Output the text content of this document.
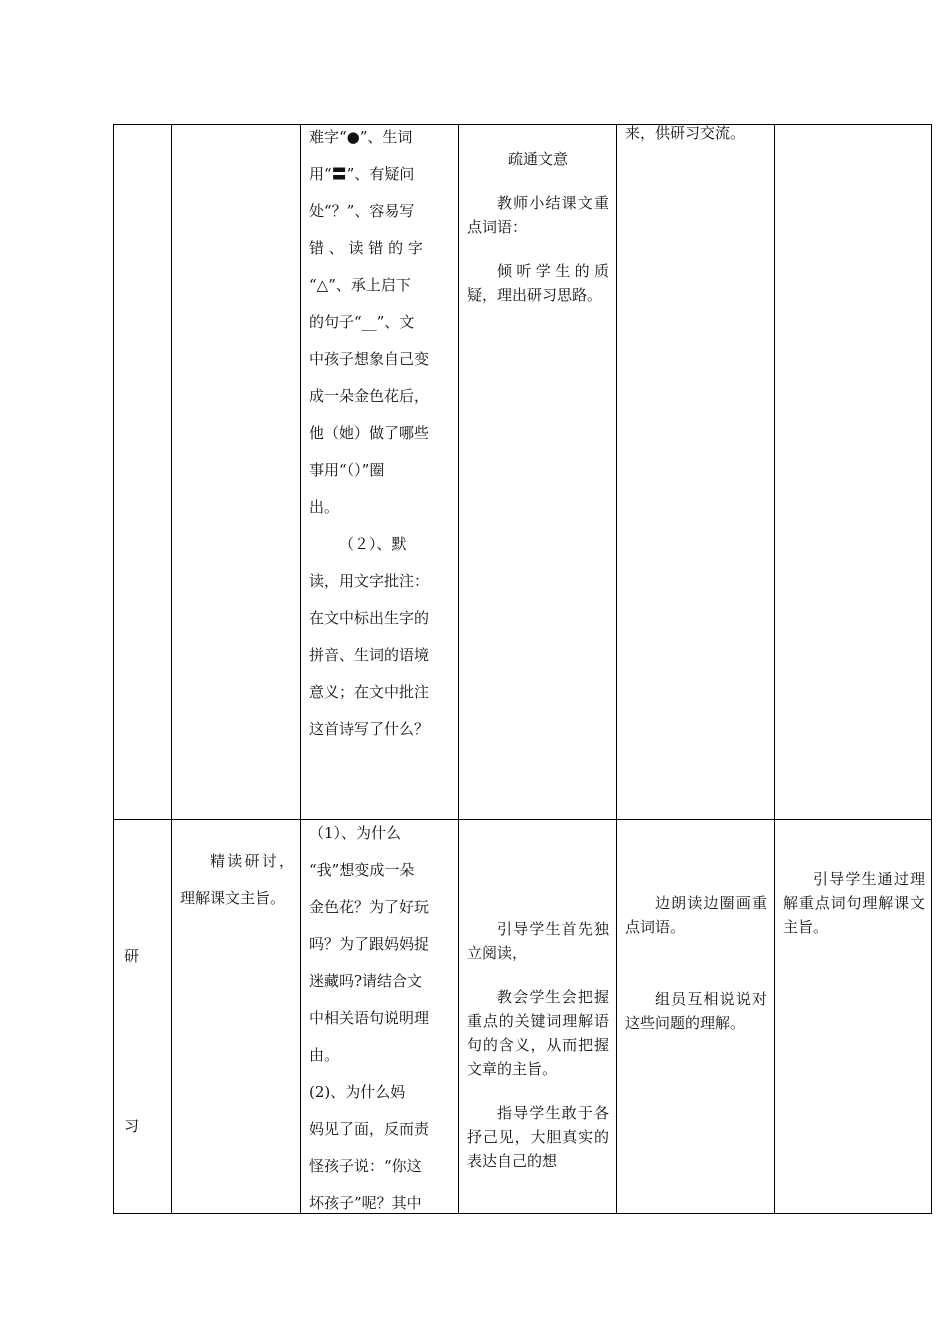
难字“●”、生词

用“〓”、有疑问

处“？”、容易写

错 、 读 错 的 字

“△”、承上启下

的句子“__”、文

中孩子想象自己变

成一朵金色花后，

他（她）做了哪些

事用“（）”圈

出。

（２）、默

读，用文字批注：

在文中标出生字的

拼音、生词的语境

意义；在文中批注

这首诗写了什么？

疏通文意

教师小结课文重点词语：

倾听学生的质疑，理出研习思路。

来，供研习交流。

研
习

精读研讨，理解课文主旨。

（1）、为什么

“我”想变成一朵

金色花？为了好玩

吗？为了跟妈妈捉

迷藏吗?请结合文

中相关语句说明理

由。

(2)、为什么妈

妈见了面，反而责

怪孩子说：“你这

坏孩子”呢？其中

引导学生首先独立阅读，

教会学生会把握重点的关键词理解语句的含义，从而把握文章的主旨。

指导学生敢于各抒己见，大胆真实的表达自己的想

边朗读边圈画重点词语。

组员互相说说对这些问题的理解。

引导学生通过理解重点词句理解课文主旨。
